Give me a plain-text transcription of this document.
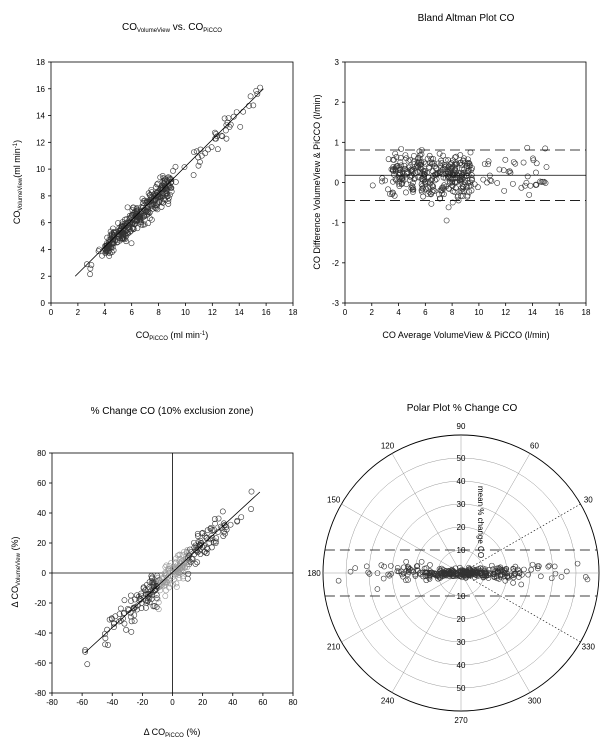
$CO_{VolumeView}$ vs. $CO_{PiCCO}$
0	2	4	6	8	10 12 14 16 18
0
2
4
6
8
10
12
14
16
18
$CO_{PiCCO}$ (ml $\min^{-1}$)
$CO_{VolumeView}(ml$ $\min^{-1}$)
Bland Altman Plot CO
0	2	4	6	8	10 12 14 16 18
-3
-2
-1
0
1
2
3
CO Average VolumeView & PiCCO (l/min)
CO Difference VolumeView & PiCCO (l/min)
% Change CO (10% exclusion zone)
-80 -60 -40 -20	0	20	40	60	80
-80
-60
-40
-20
0
20
40
60
80
Δ $CO_{PiCCO}$ (%)
Δ $CO_{VolumeView}$ (%)
Polar Plot % Change CO
30
60
90
120
150
180
210
240
270
300
330
10
20
30
40
50
10
20
30
40
50
mean % change CO
